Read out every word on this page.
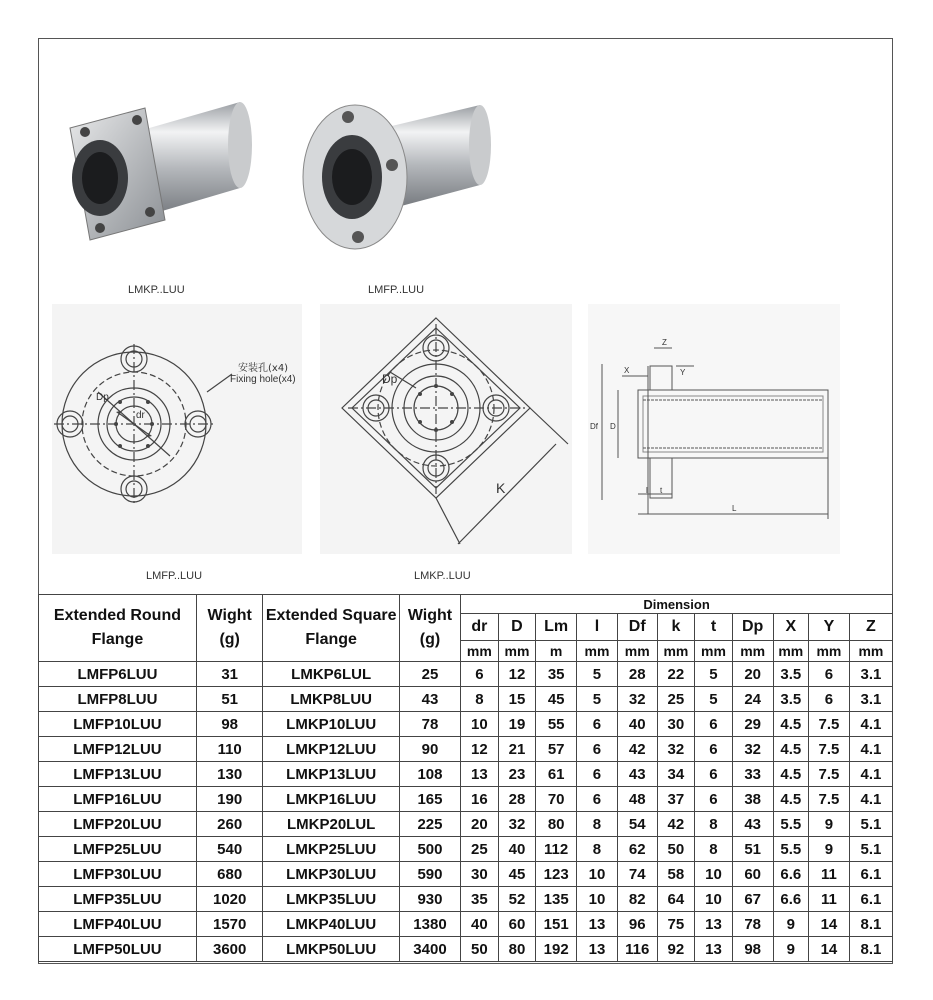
LMKP..LUU	LMFP..LUU
安装孔(x4)
Fixing hole(x4)
Dp
dr
LMFP..LUU
Dp
K
LMKP..LUU
Z
X	Y
Df D
l t
L
Extended Round Flange	Wight (g)	Extended Square Flange	Wight (g)	Dimension										
				dr	D	Lm	l	Df	k	t	Dp	X	Y	Z
				mm	mm	m	mm	mm	mm	mm	mm	mm	mm	mm
LMFP6LUU	31	LMKP6LUL	25	6	12	35	5	28	22	5	20	3.5	6	3.1
LMFP8LUU	51	LMKP8LUU	43	8	15	45	5	32	25	5	24	3.5	6	3.1
LMFP10LUU	98	LMKP10LUU	78	10	19	55	6	40	30	6	29	4.5	7.5	4.1
LMFP12LUU	110	LMKP12LUU	90	12	21	57	6	42	32	6	32	4.5	7.5	4.1
LMFP13LUU	130	LMKP13LUU	108	13	23	61	6	43	34	6	33	4.5	7.5	4.1
LMFP16LUU	190	LMKP16LUU	165	16	28	70	6	48	37	6	38	4.5	7.5	4.1
LMFP20LUU	260	LMKP20LUL	225	20	32	80	8	54	42	8	43	5.5	9	5.1
LMFP25LUU	540	LMKP25LUU	500	25	40	112	8	62	50	8	51	5.5	9	5.1
LMFP30LUU	680	LMKP30LUU	590	30	45	123	10	74	58	10	60	6.6	11	6.1
LMFP35LUU	1020	LMKP35LUU	930	35	52	135	10	82	64	10	67	6.6	11	6.1
LMFP40LUU	1570	LMKP40LUU	1380	40	60	151	13	96	75	13	78	9	14	8.1
LMFP50LUU	3600	LMKP50LUU	3400	50	80	192	13	116	92	13	98	9	14	8.1
